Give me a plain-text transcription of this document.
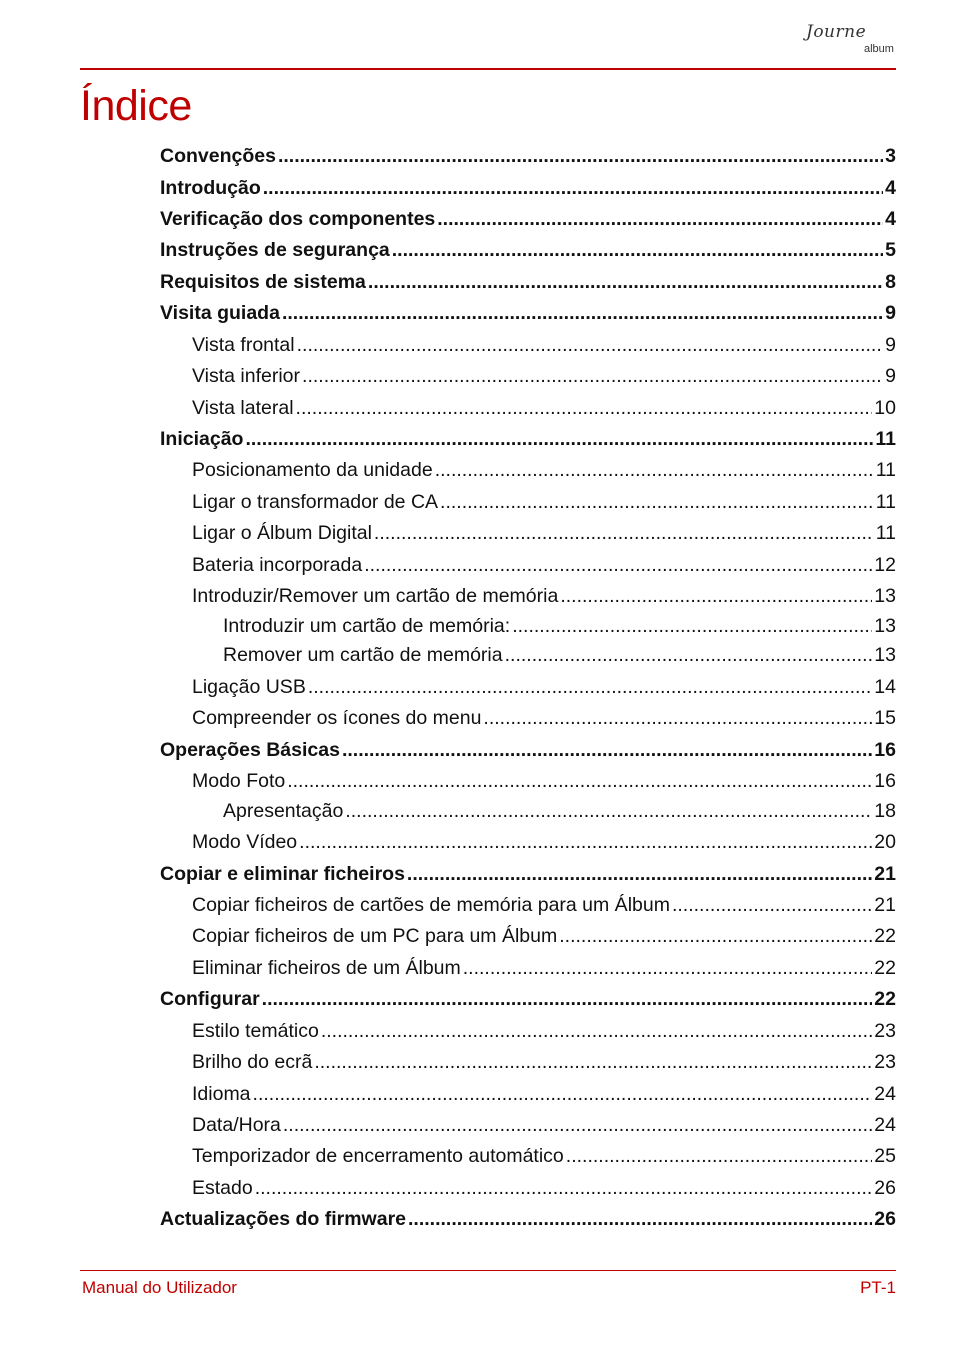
Journe
album
Índice
Convenções .....	3
Introdução .....	4
Verificação dos componentes .....	4
Instruções de segurança .....	5
Requisitos de sistema .....	8
Visita guiada .....	9
Vista frontal .....	9
Vista inferior .....	9
Vista lateral .....	10
Iniciação .....	11
Posicionamento da unidade .....	11
Ligar o transformador de CA .....	11
Ligar o Álbum Digital .....	11
Bateria incorporada .....	12
Introduzir/Remover um cartão de memória .....	13
Introduzir um cartão de memória: .....	13
Remover um cartão de memória .....	13
Ligação USB .....	14
Compreender os ícones do menu .....	15
Operações Básicas .....	16
Modo Foto .....	16
Apresentação .....	18
Modo Vídeo .....	20
Copiar e eliminar ficheiros .....	21
Copiar ficheiros de cartões de memória para um Álbum .....	21
Copiar ficheiros de um PC para um Álbum .....	22
Eliminar ficheiros de um Álbum .....	22
Configurar .....	22
Estilo temático .....	23
Brilho do ecrã .....	23
Idioma .....	24
Data/Hora .....	24
Temporizador de encerramento automático .....	25
Estado .....	26
Actualizações do firmware .....	26
Manual do Utilizador	PT-1
